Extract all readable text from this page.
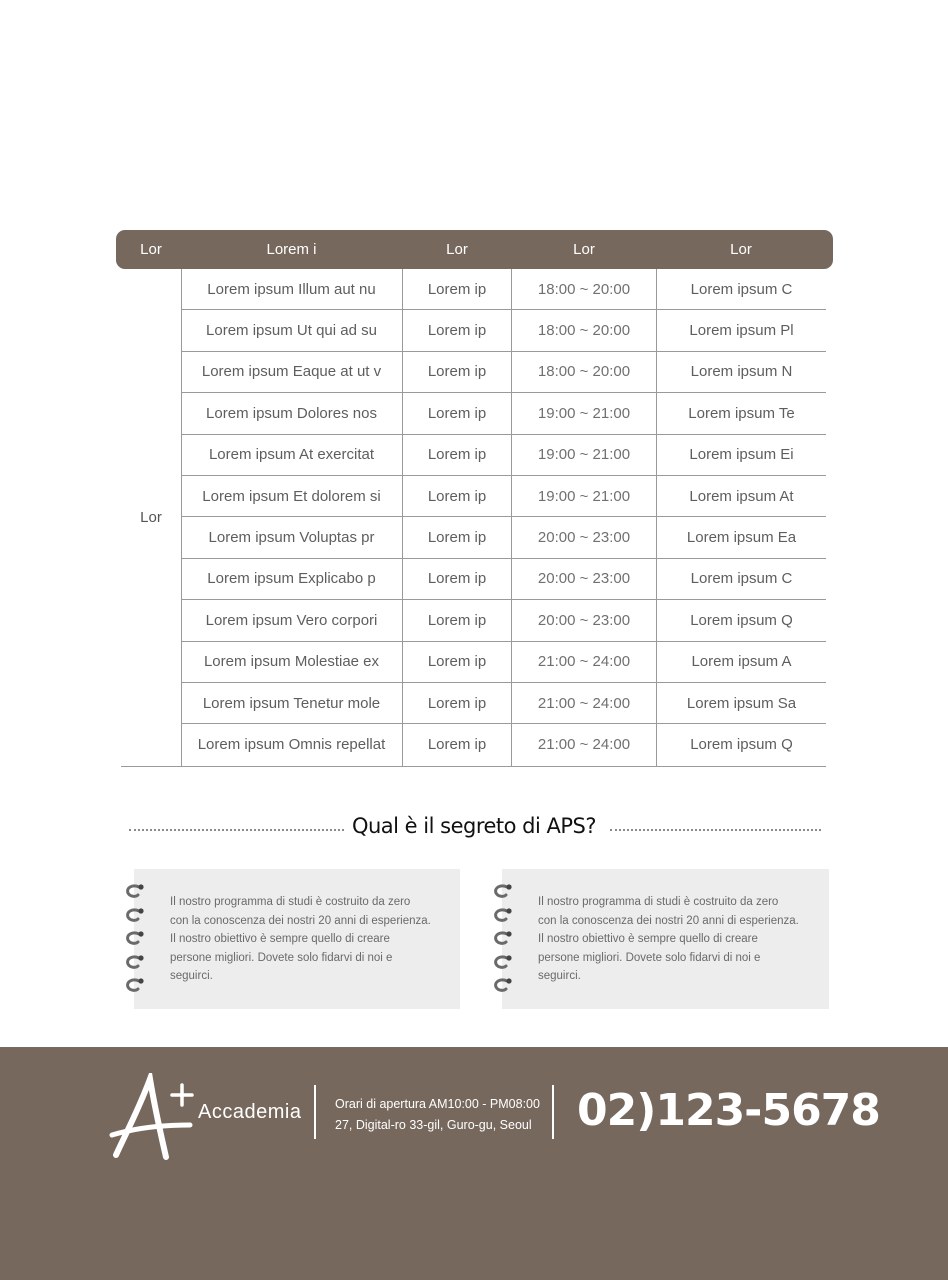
Lor	Lorem i	Lor	Lor	Lor
Lor
Lorem ipsum Illum aut nu	Lorem ip	18:00 ~ 20:00	Lorem ipsum C
Lorem ipsum Ut qui ad su	Lorem ip	18:00 ~ 20:00	Lorem ipsum Pl
Lorem ipsum Eaque at ut v	Lorem ip	18:00 ~ 20:00	Lorem ipsum N
Lorem ipsum Dolores nos	Lorem ip	19:00 ~ 21:00	Lorem ipsum Te
Lorem ipsum At exercitat	Lorem ip	19:00 ~ 21:00	Lorem ipsum Ei
Lorem ipsum Et dolorem si	Lorem ip	19:00 ~ 21:00	Lorem ipsum At
Lorem ipsum Voluptas pr	Lorem ip	20:00 ~ 23:00	Lorem ipsum Ea
Lorem ipsum Explicabo p	Lorem ip	20:00 ~ 23:00	Lorem ipsum C
Lorem ipsum Vero corpori	Lorem ip	20:00 ~ 23:00	Lorem ipsum Q
Lorem ipsum Molestiae ex	Lorem ip	21:00 ~ 24:00	Lorem ipsum A
Lorem ipsum Tenetur mole	Lorem ip	21:00 ~ 24:00	Lorem ipsum Sa
Lorem ipsum Omnis repellat	Lorem ip	21:00 ~ 24:00	Lorem ipsum Q
Qual è il segreto di APS?

Il nostro programma di studi è costruito da zero
con la conoscenza dei nostri 20 anni di esperienza.
Il nostro obiettivo è sempre quello di creare
persone migliori. Dovete solo fidarvi di noi e
seguirci.

Il nostro programma di studi è costruito da zero
con la conoscenza dei nostri 20 anni di esperienza.
Il nostro obiettivo è sempre quello di creare
persone migliori. Dovete solo fidarvi di noi e
seguirci.

Accademia	Orari di apertura AM10:00 - PM08:00
27, Digital-ro 33-gil, Guro-gu, Seoul 02)123-5678
